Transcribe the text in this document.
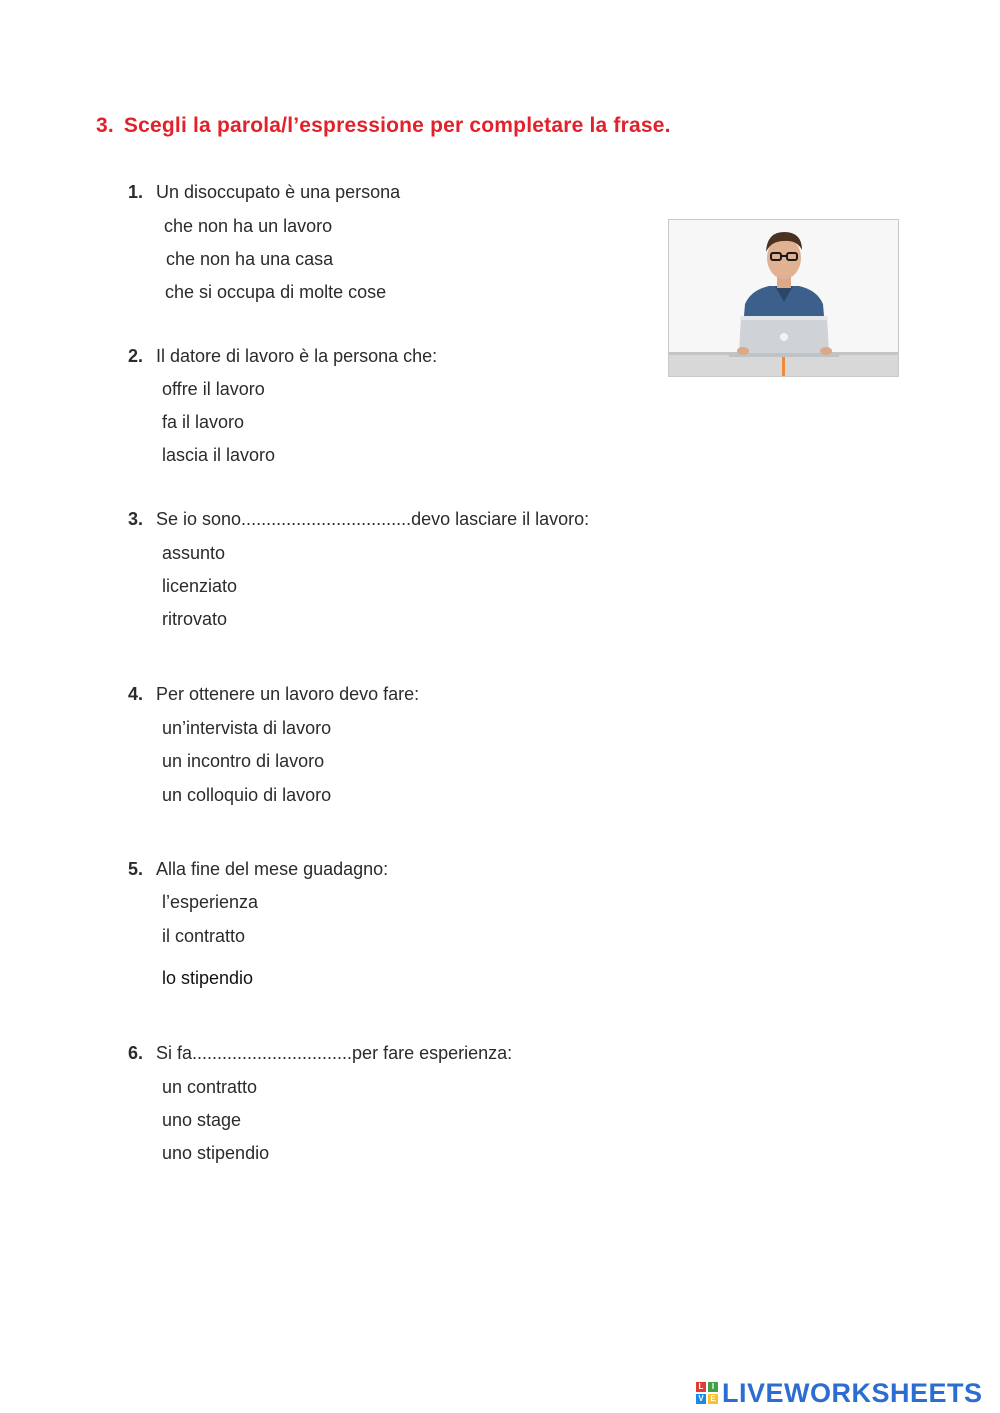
3. Scegli la parola/l’espressione per completare la frase.
1. Un disoccupato è una persona
che non ha un lavoro
che non ha una casa
che si occupa di molte cose
2. Il datore di lavoro è la persona che:
offre il lavoro
fa il lavoro
lascia il lavoro
3. Se io sono..................................devo lasciare il lavoro:
assunto
licenziato
ritrovato
4. Per ottenere un lavoro devo fare:
un’intervista di lavoro
un incontro di lavoro
un colloquio di lavoro
5. Alla fine del mese guadagno:
l’esperienza
il contratto
lo stipendio
6. Si fa................................per fare esperienza:
un contratto
uno stage
uno stipendio
L	I
V E LIVEWORKSHEETS
